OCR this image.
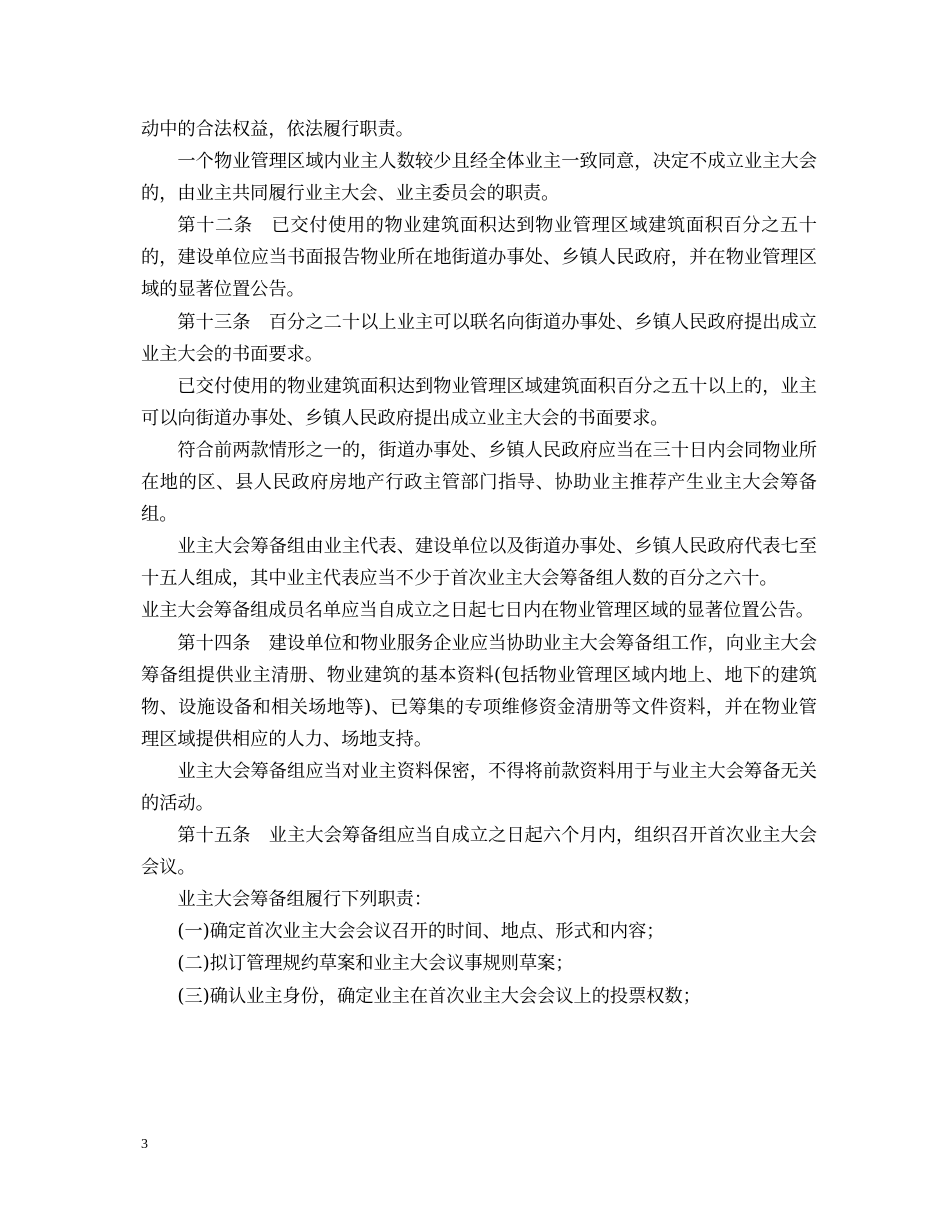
动中的合法权益，依法履行职责。

一个物业管理区域内业主人数较少且经全体业主一致同意，决定不成立业主大会的，由业主共同履行业主大会、业主委员会的职责。

第十二条　已交付使用的物业建筑面积达到物业管理区域建筑面积百分之五十的，建设单位应当书面报告物业所在地街道办事处、乡镇人民政府，并在物业管理区域的显著位置公告。

第十三条　百分之二十以上业主可以联名向街道办事处、乡镇人民政府提出成立业主大会的书面要求。

已交付使用的物业建筑面积达到物业管理区域建筑面积百分之五十以上的，业主可以向街道办事处、乡镇人民政府提出成立业主大会的书面要求。

符合前两款情形之一的，街道办事处、乡镇人民政府应当在三十日内会同物业所在地的区、县人民政府房地产行政主管部门指导、协助业主推荐产生业主大会筹备组。

业主大会筹备组由业主代表、建设单位以及街道办事处、乡镇人民政府代表七至十五人组成，其中业主代表应当不少于首次业主大会筹备组人数的百分之六十。

业主大会筹备组成员名单应当自成立之日起七日内在物业管理区域的显著位置公告。

第十四条　建设单位和物业服务企业应当协助业主大会筹备组工作，向业主大会筹备组提供业主清册、物业建筑的基本资料(包括物业管理区域内地上、地下的建筑物、设施设备和相关场地等)、已筹集的专项维修资金清册等文件资料，并在物业管理区域提供相应的人力、场地支持。

业主大会筹备组应当对业主资料保密，不得将前款资料用于与业主大会筹备无关的活动。

第十五条　业主大会筹备组应当自成立之日起六个月内，组织召开首次业主大会会议。

业主大会筹备组履行下列职责：

(一)确定首次业主大会会议召开的时间、地点、形式和内容；

(二)拟订管理规约草案和业主大会议事规则草案；

(三)确认业主身份，确定业主在首次业主大会会议上的投票权数；

3
